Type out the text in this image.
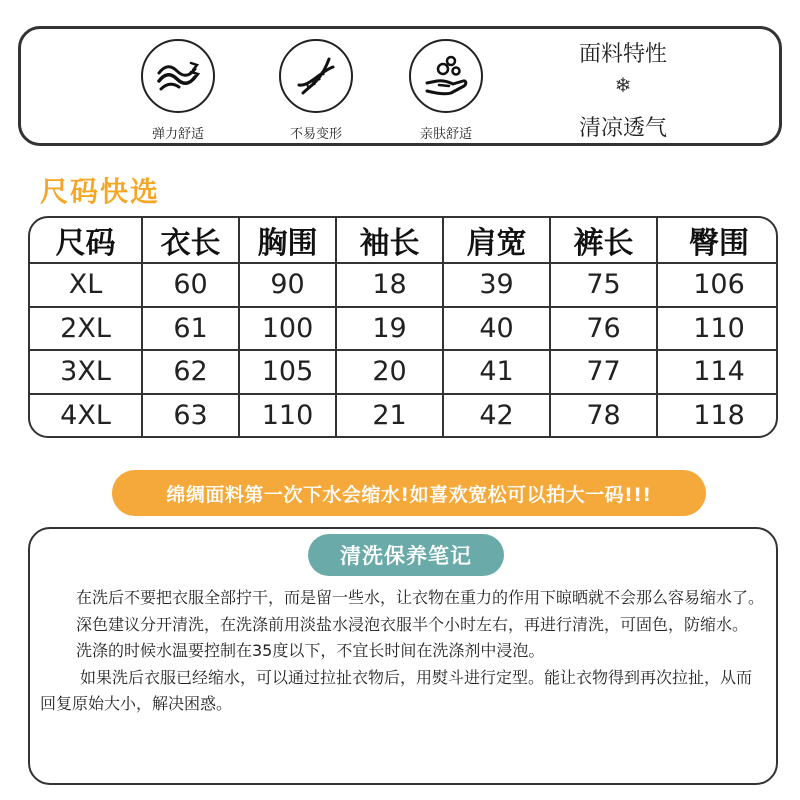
弹力舒适	不易变形	亲肤舒适
面料特性
❄
清凉透气
尺码快选
尺码	衣长	胸围	袖长	肩宽	裤长	臀围
XL	60	90	18	39	75	106
2XL	61	100	19	40	76	110
3XL	62	105	20	41	77	114
4XL	63	110	21	42	78	118
绵绸面料第一次下水会缩水!如喜欢宽松可以拍大一码!!!
清洗保养笔记

在洗后不要把衣服全部拧干，而是留一些水，让衣物在重力的作用下晾晒就不会那么容易缩水了。

深色建议分开清洗，在洗涤前用淡盐水浸泡衣服半个小时左右，再进行清洗，可固色，防缩水。

洗涤的时候水温要控制在35度以下，不宜长时间在洗涤剂中浸泡。

如果洗后衣服已经缩水，可以通过拉扯衣物后，用熨斗进行定型。能让衣物得到再次拉扯，从而回复原始大小，解决困惑。
